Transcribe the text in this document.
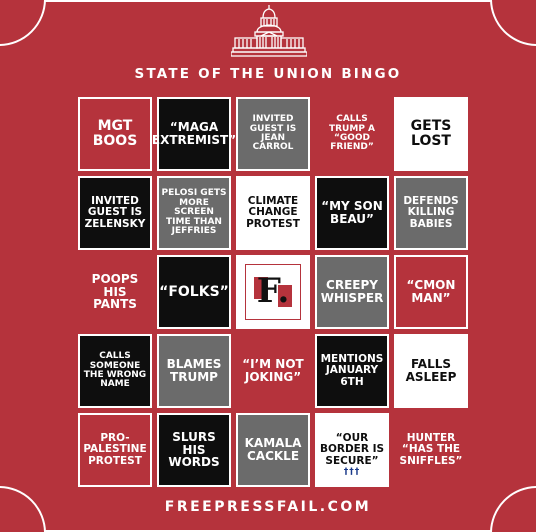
STATE OF THE UNION BINGO
MGT BOOS
“MAGA EXTREMIST”
INVITED GUEST IS JEAN CARROL
CALLS TRUMP A “GOOD FRIEND”
GETS LOST
INVITED GUEST IS ZELENSKY
PELOSI GETS MORE SCREEN TIME THAN JEFFRIES
CLIMATE CHANGE PROTEST
“MY SON BEAU”
DEFENDS KILLING BABIES
POOPS HIS PANTS
“FOLKS” F.	CREEPY WHISPER
“CMON MAN”
CALLS SOMEONE THE WRONG NAME
BLAMES TRUMP
“I’M NOT JOKING”
MENTIONS JANUARY 6TH
FALLS ASLEEP
PRO-PALESTINE PROTEST
SLURS HIS WORDS
KAMALA CACKLE
“OUR BORDER IS SECURE”
†††
HUNTER “HAS THE SNIFFLES”
FREEPRESSFAIL.COM
